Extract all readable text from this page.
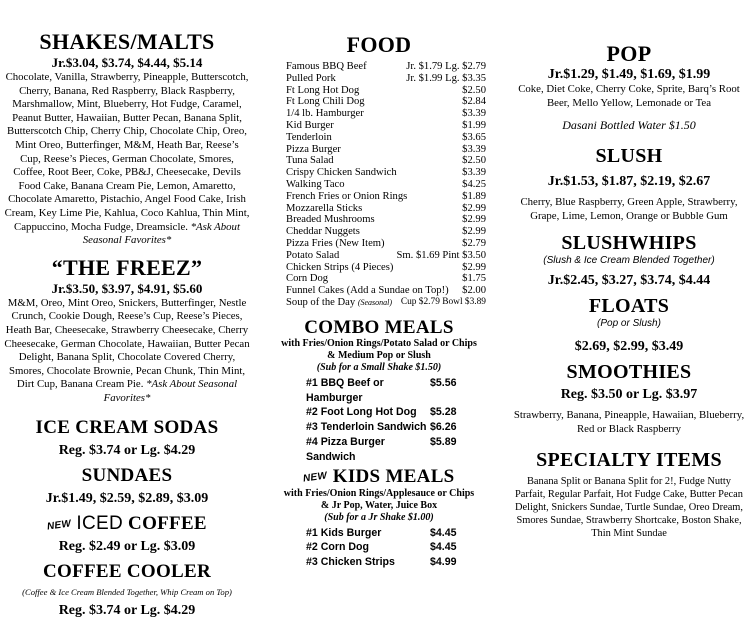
SHAKES/MALTS
Jr.$3.04, $3.74, $4.44, $5.14
Chocolate, Vanilla, Strawberry, Pineapple, Butterscotch, Cherry, Banana, Red Raspberry, Black Raspberry, Marshmallow, Mint, Blueberry, Hot Fudge, Caramel, Peanut Butter, Hawaiian, Butter Pecan, Banana Split, Butterscotch Chip, Cherry Chip, Chocolate Chip, Oreo, Mint Oreo, Butterfinger, M&M, Heath Bar, Reese’s Cup, Reese’s Pieces, German Chocolate, Smores, Coffee, Root Beer, Coke, PB&J, Cheesecake, Devils Food Cake, Banana Cream Pie, Lemon, Amaretto, Chocolate Amaretto, Pistachio, Angel Food Cake, Irish Cream, Key Lime Pie, Kahlua, Coco Kahlua, Thin Mint, Cappuccino, Mocha Fudge, Dreamsicle. *Ask About Seasonal Favorites*
“THE FREEZ”
Jr.$3.50, $3.97, $4.91, $5.60
M&M, Oreo, Mint Oreo, Snickers, Butterfinger, Nestle Crunch, Cookie Dough, Reese’s Cup, Reese’s Pieces, Heath Bar, Cheesecake, Strawberry Cheesecake, Cherry Cheesecake, German Chocolate, Hawaiian, Butter Pecan Delight, Banana Split, Chocolate Covered Cherry, Smores, Chocolate Brownie, Pecan Chunk, Thin Mint, Dirt Cup, Banana Cream Pie. *Ask About Seasonal Favorites*
ICE CREAM SODAS
Reg. $3.74 or Lg. $4.29
SUNDAES
Jr.$1.49, $2.59, $2.89, $3.09
NEW ICED COFFEE
Reg. $2.49 or Lg. $3.09
COFFEE COOLER
(Coffee & Ice Cream Blended Together, Whip Cream on Top)
Reg. $3.74 or Lg. $4.29
FOOD
Famous BBQ Beef	Jr. $1.79 Lg. $2.79
Pulled Pork	Jr. $1.99 Lg. $3.35
Ft Long Hot Dog	$2.50
Ft Long Chili Dog	$2.84
1/4 lb. Hamburger	$3.39
Kid Burger	$1.99
Tenderloin	$3.65
Pizza Burger	$3.39
Tuna Salad	$2.50
Crispy Chicken Sandwich	$3.39
Walking Taco	$4.25
French Fries or Onion Rings	$1.89
Mozzarella Sticks	$2.99
Breaded Mushrooms	$2.99
Cheddar Nuggets	$2.99
Pizza Fries (New Item)	$2.79
Potato Salad	Sm. $1.69 Pint $3.50
Chicken Strips (4 Pieces)	$2.99
Corn Dog	$1.75
Funnel Cakes (Add a Sundae on Top!)	$2.00
Soup of the Day (Seasonal) Cup $2.79 Bowl $3.89
COMBO MEALS
with Fries/Onion Rings/Potato Salad or Chips
& Medium Pop or Slush
(Sub for a Small Shake $1.50)
#1 BBQ Beef or Hamburger
$5.56
#2 Foot Long Hot Dog	$5.28
#3 Tenderloin Sandwich $6.26
#4 Pizza Burger Sandwich
$5.89
NEW KIDS MEALS
with Fries/Onion Rings/Applesauce or Chips
& Jr Pop, Water, Juice Box
(Sub for a Jr Shake $1.00)
#1 Kids Burger	$4.45
#2 Corn Dog	$4.45
#3 Chicken Strips	$4.99
POP
Jr.$1.29, $1.49, $1.69, $1.99
Coke, Diet Coke, Cherry Coke, Sprite, Barq’s Root Beer, Mello Yellow, Lemonade or Tea
Dasani Bottled Water $1.50
SLUSH
Jr.$1.53, $1.87, $2.19, $2.67
Cherry, Blue Raspberry, Green Apple, Strawberry, Grape, Lime, Lemon, Orange or Bubble Gum
SLUSHWHIPS
(Slush & Ice Cream Blended Together)
Jr.$2.45, $3.27, $3.74, $4.44
FLOATS
(Pop or Slush)
$2.69, $2.99, $3.49
SMOOTHIES
Reg. $3.50 or Lg. $3.97
Strawberry, Banana, Pineapple, Hawaiian, Blueberry, Red or Black Raspberry
SPECIALTY ITEMS
Banana Split or Banana Split for 2!, Fudge Nutty Parfait, Regular Parfait, Hot Fudge Cake, Butter Pecan Delight, Snickers Sundae, Turtle Sundae, Oreo Dream, Smores Sundae, Strawberry Shortcake, Boston Shake, Thin Mint Sundae
